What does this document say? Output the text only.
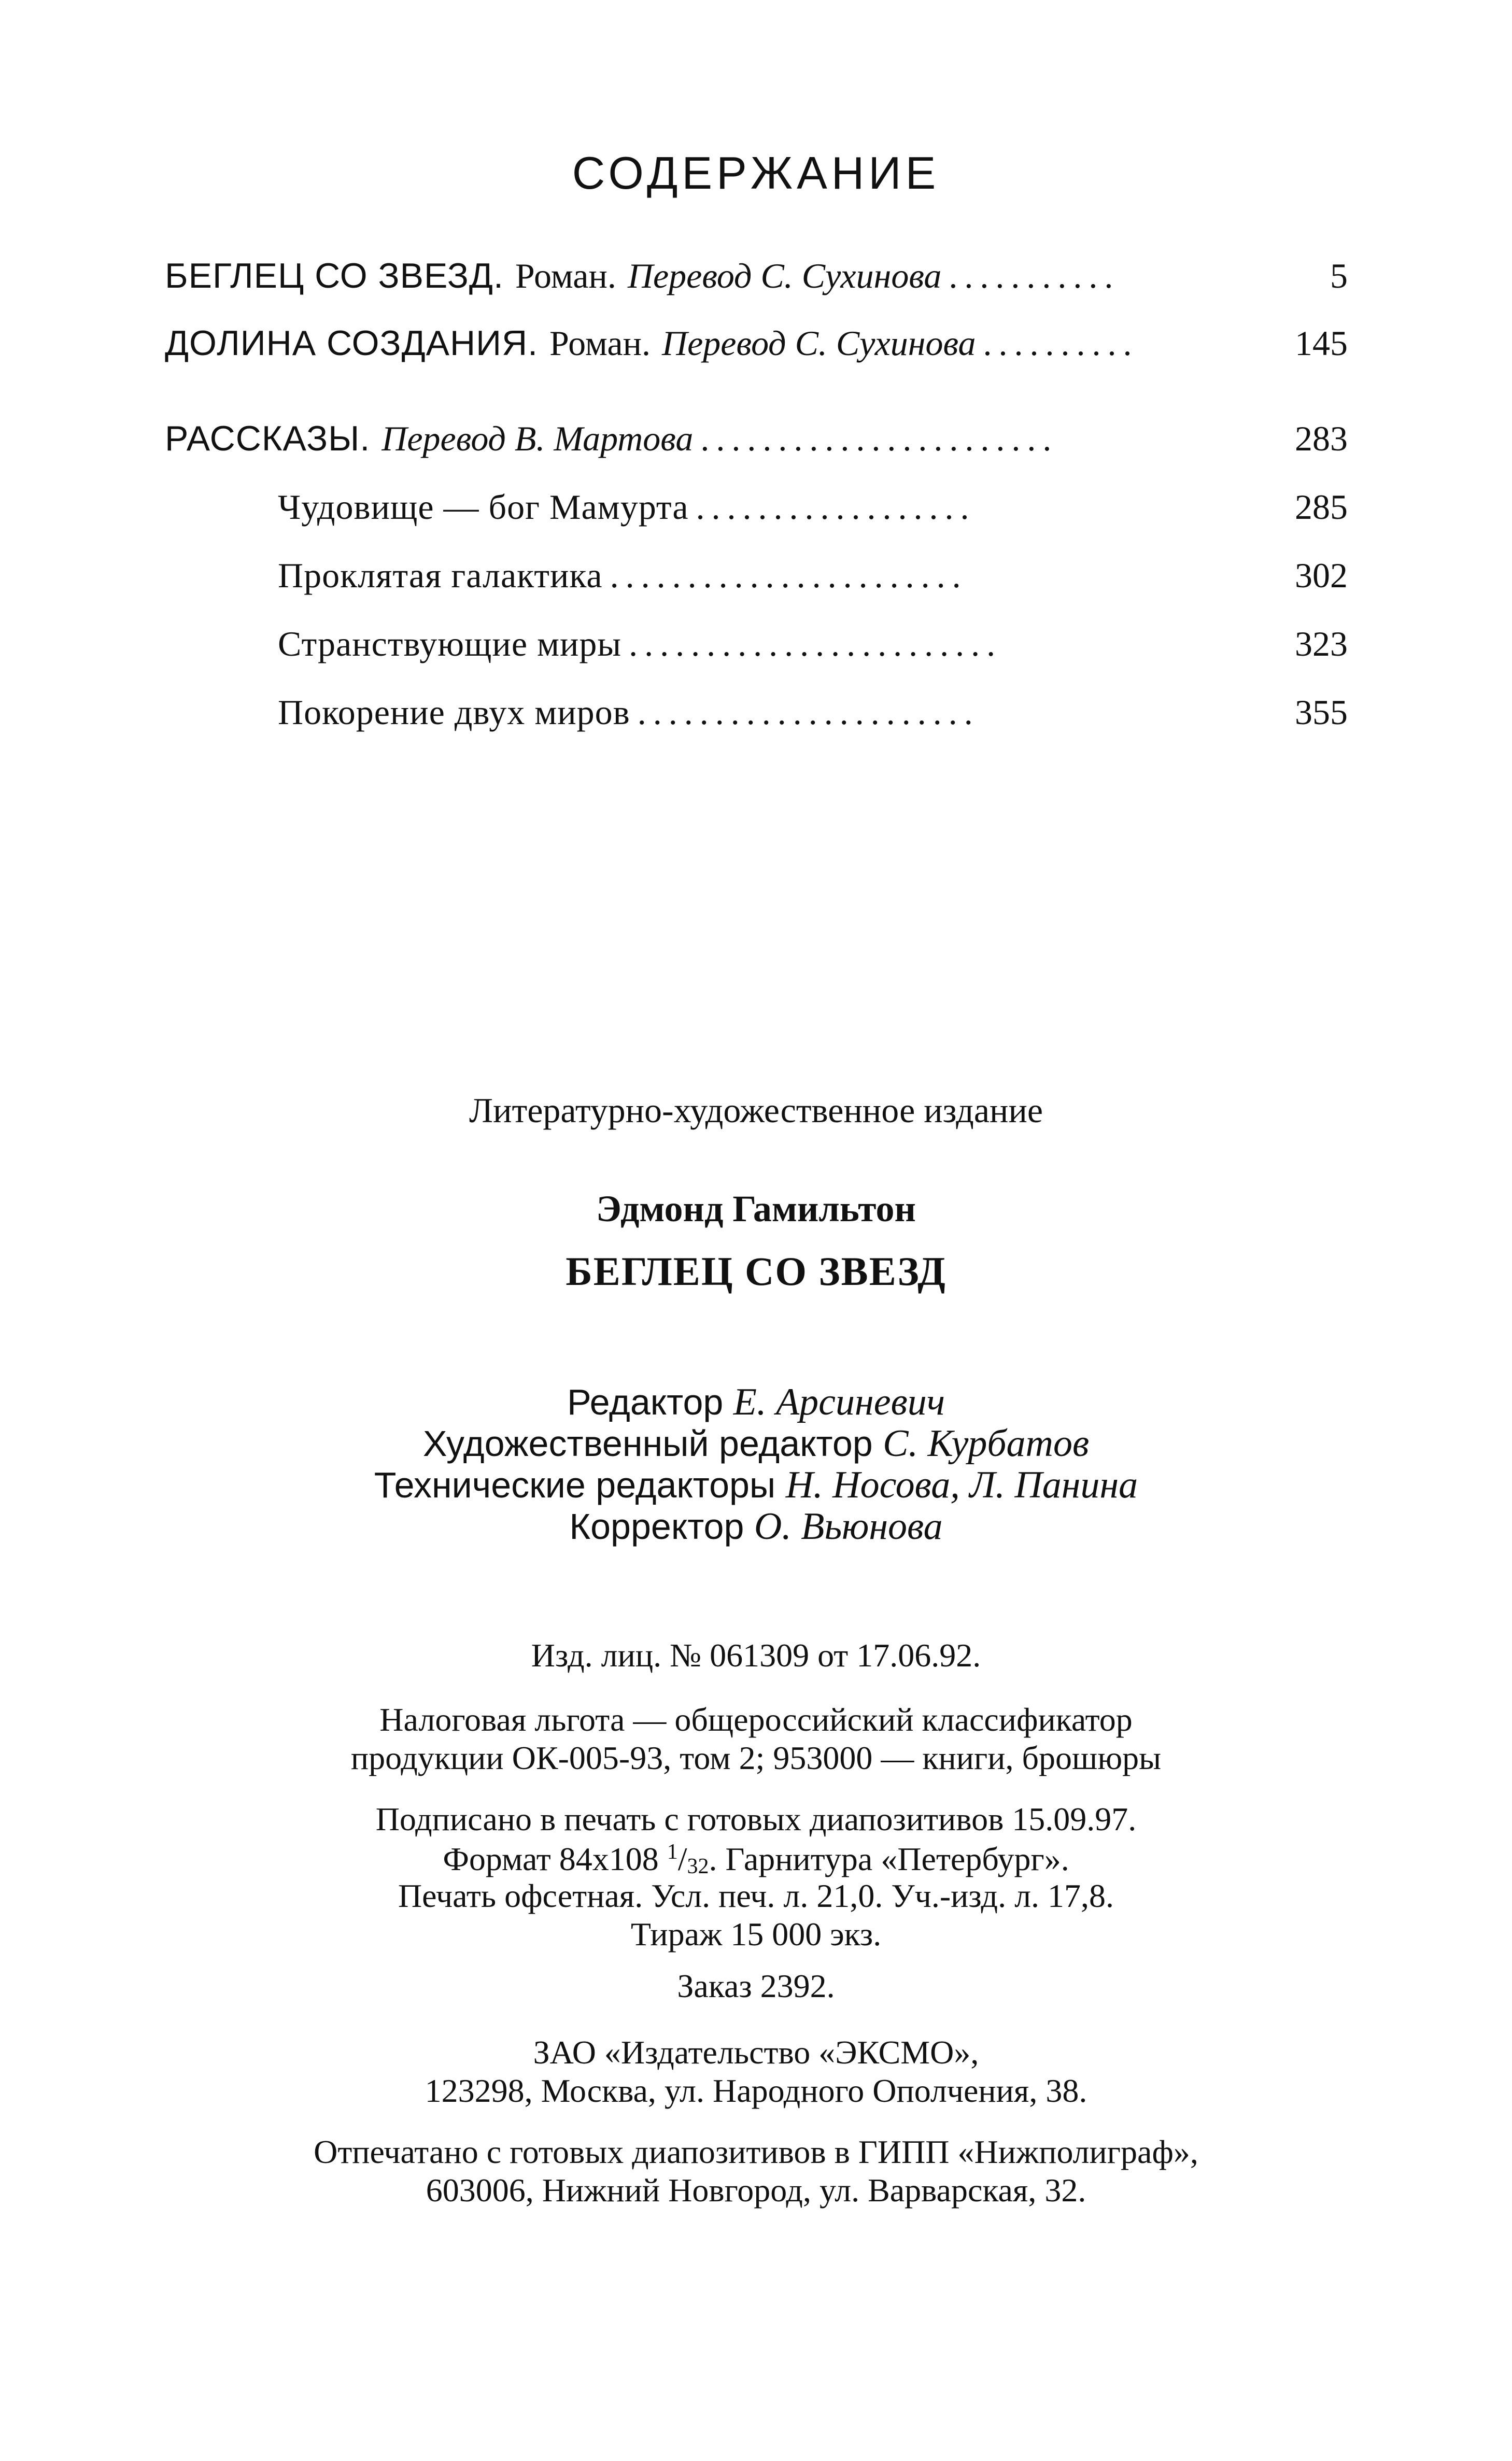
СОДЕРЖАНИЕ
БЕГЛЕЦ СО ЗВЕЗД. Роман. Перевод С. Сухинова ...........	5
ДОЛИНА СОЗДАНИЯ. Роман. Перевод С. Сухинова ..........	145
РАССКАЗЫ. Перевод В. Мартова .......................	283
Чудовище — бог Мамурта ..................	285
Проклятая галактика .......................	302
Странствующие миры ........................	323
Покорение двух миров ......................	355
Литературно-художественное издание
Эдмонд Гамильтон
БЕГЛЕЦ СО ЗВЕЗД
Редактор Е. Арсиневич
Художественный редактор С. Курбатов
Технические редакторы Н. Носова, Л. Панина
Корректор О. Вьюнова
Изд. лиц. № 061309 от 17.06.92.
Налоговая льгота — общероссийский классификатор
продукции ОК-005-93, том 2; 953000 — книги, брошюры
Подписано в печать с готовых диапозитивов 15.09.97.
Формат 84x108 $^1/_{32}$. Гарнитура «Петербург».
Печать офсетная. Усл. печ. л. 21,0. Уч.-изд. л. 17,8.
Тираж 15 000 экз.
Заказ 2392.
ЗАО «Издательство «ЭКСМО»,
123298, Москва, ул. Народного Ополчения, 38.
Отпечатано с готовых диапозитивов в ГИПП «Нижполиграф»,
603006, Нижний Новгород, ул. Варварская, 32.
